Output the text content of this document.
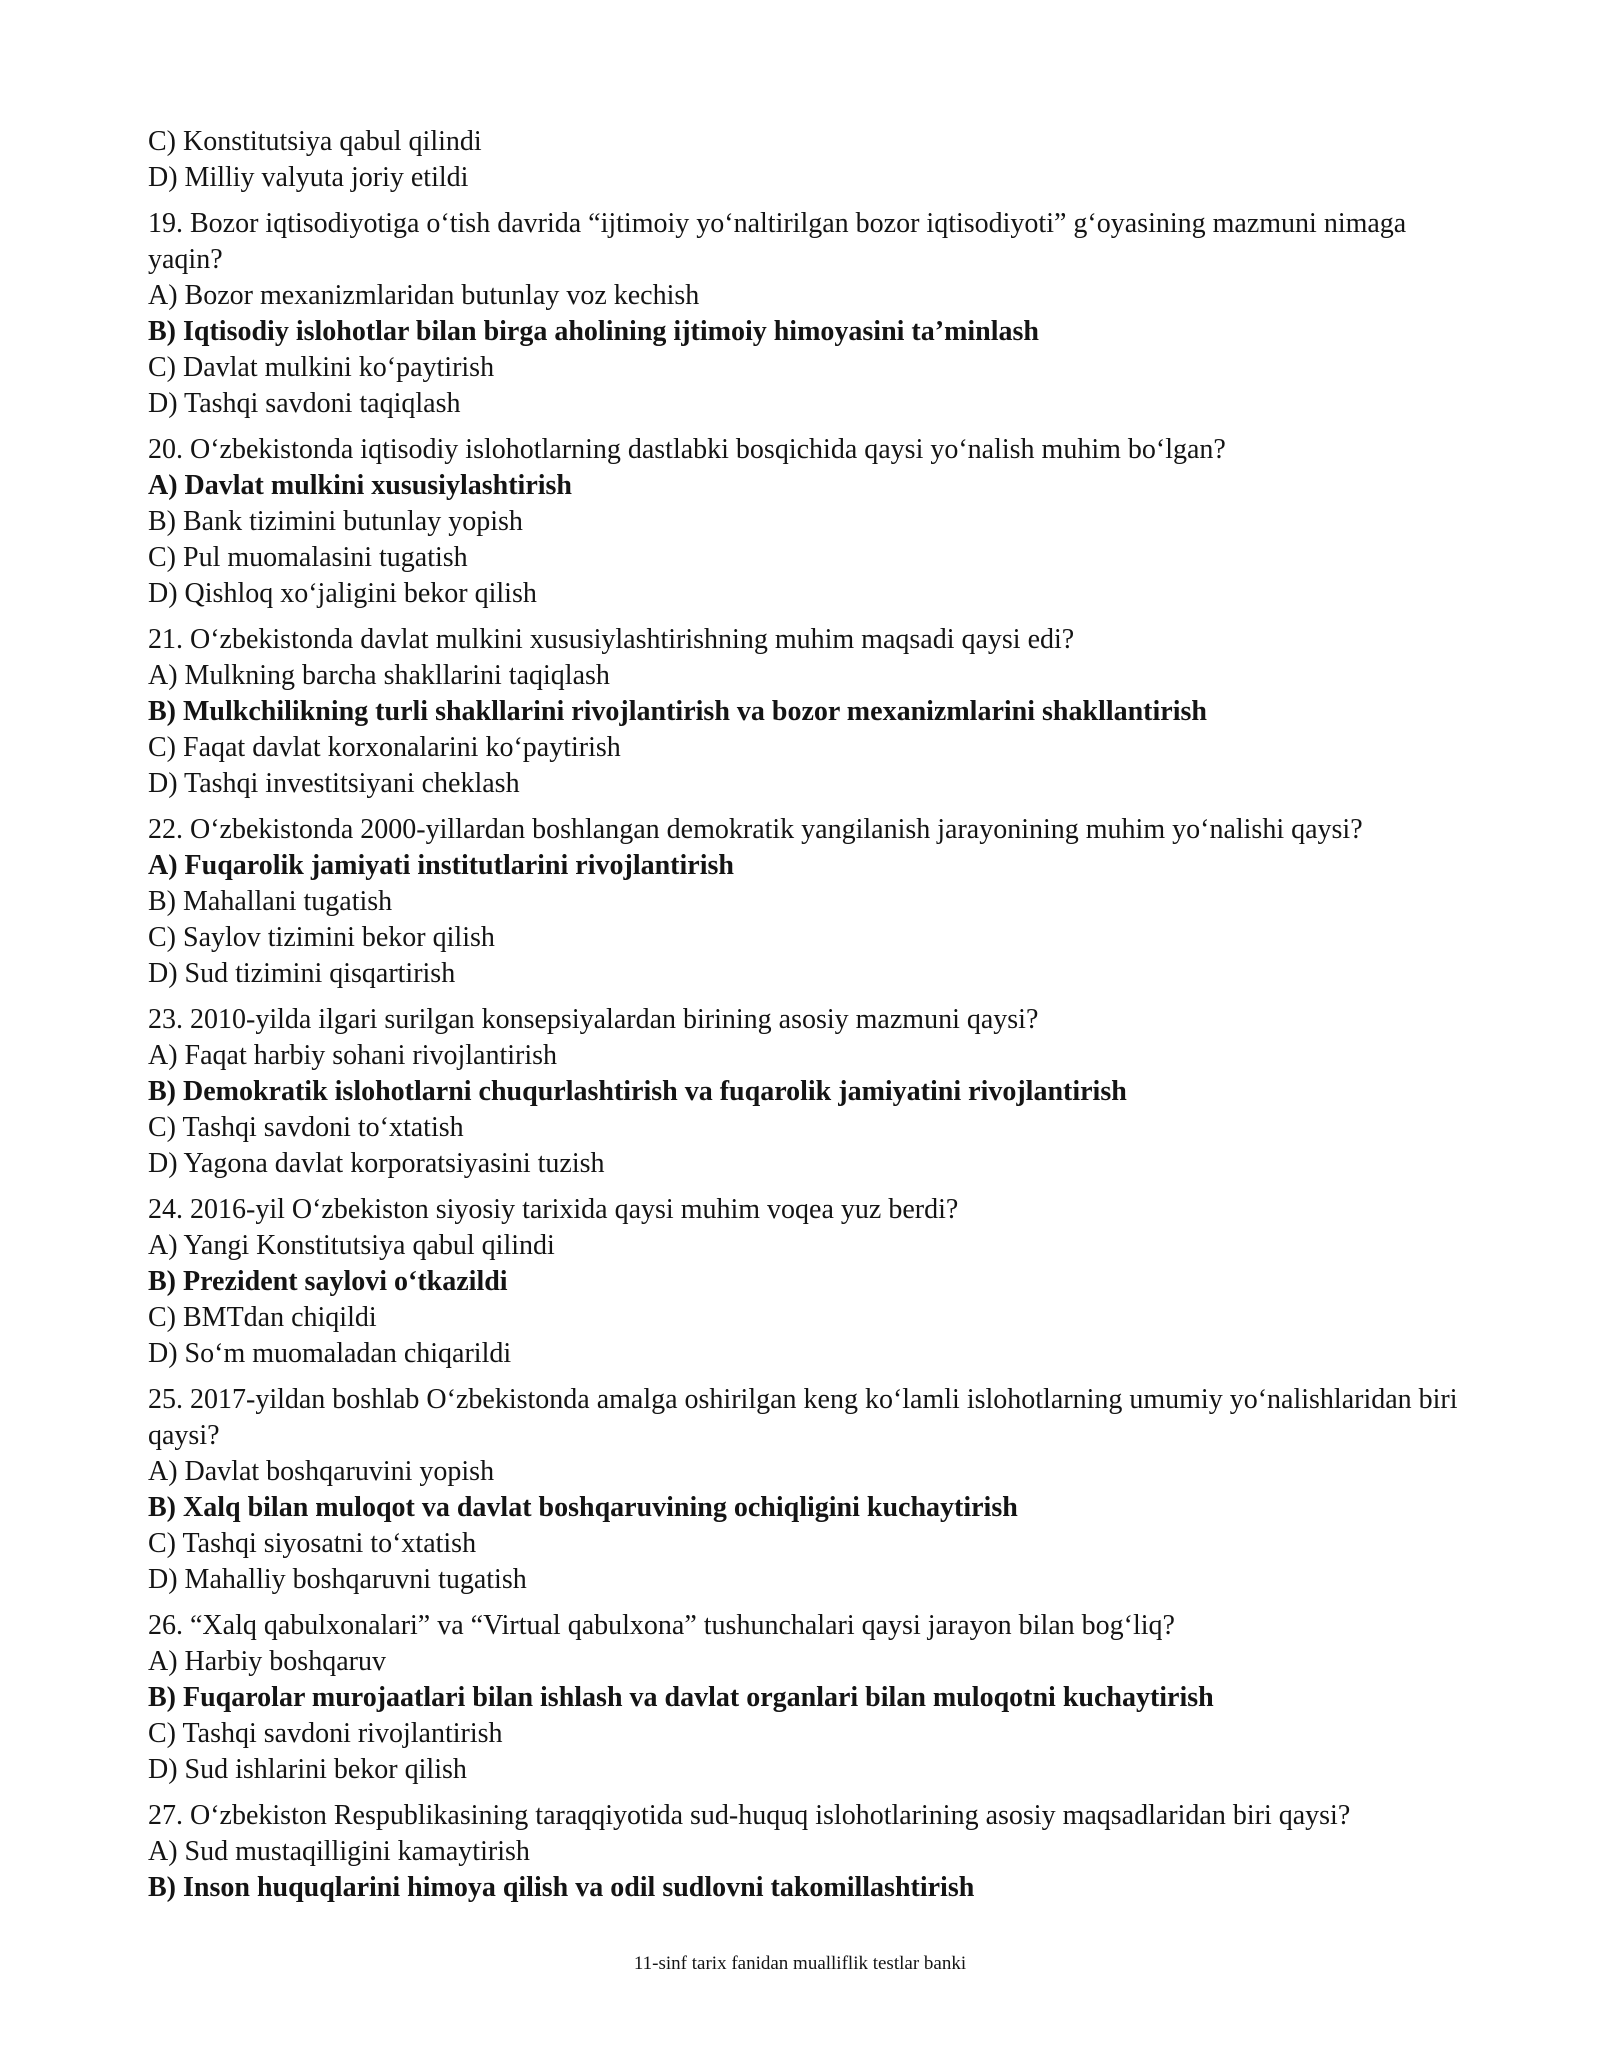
C) Konstitutsiya qabul qilindi
D) Milliy valyuta joriy etildi
19. Bozor iqtisodiyotiga o‘tish davrida “ijtimoiy yo‘naltirilgan bozor iqtisodiyoti” g‘oyasining mazmuni nimaga yaqin?
A) Bozor mexanizmlaridan butunlay voz kechish
B) Iqtisodiy islohotlar bilan birga aholining ijtimoiy himoyasini ta’minlash
C) Davlat mulkini ko‘paytirish
D) Tashqi savdoni taqiqlash
20. O‘zbekistonda iqtisodiy islohotlarning dastlabki bosqichida qaysi yo‘nalish muhim bo‘lgan?
A) Davlat mulkini xususiylashtirish
B) Bank tizimini butunlay yopish
C) Pul muomalasini tugatish
D) Qishloq xo‘jaligini bekor qilish
21. O‘zbekistonda davlat mulkini xususiylashtirishning muhim maqsadi qaysi edi?
A) Mulkning barcha shakllarini taqiqlash
B) Mulkchilikning turli shakllarini rivojlantirish va bozor mexanizmlarini shakllantirish
C) Faqat davlat korxonalarini ko‘paytirish
D) Tashqi investitsiyani cheklash
22. O‘zbekistonda 2000-yillardan boshlangan demokratik yangilanish jarayonining muhim yo‘nalishi qaysi?
A) Fuqarolik jamiyati institutlarini rivojlantirish
B) Mahallani tugatish
C) Saylov tizimini bekor qilish
D) Sud tizimini qisqartirish
23. 2010-yilda ilgari surilgan konsepsiyalardan birining asosiy mazmuni qaysi?
A) Faqat harbiy sohani rivojlantirish
B) Demokratik islohotlarni chuqurlashtirish va fuqarolik jamiyatini rivojlantirish
C) Tashqi savdoni to‘xtatish
D) Yagona davlat korporatsiyasini tuzish
24. 2016-yil O‘zbekiston siyosiy tarixida qaysi muhim voqea yuz berdi?
A) Yangi Konstitutsiya qabul qilindi
B) Prezident saylovi o‘tkazildi
C) BMTdan chiqildi
D) So‘m muomaladan chiqarildi
25. 2017-yildan boshlab O‘zbekistonda amalga oshirilgan keng ko‘lamli islohotlarning umumiy yo‘nalishlaridan biri qaysi?
A) Davlat boshqaruvini yopish
B) Xalq bilan muloqot va davlat boshqaruvining ochiqligini kuchaytirish
C) Tashqi siyosatni to‘xtatish
D) Mahalliy boshqaruvni tugatish
26. “Xalq qabulxonalari” va “Virtual qabulxona” tushunchalari qaysi jarayon bilan bog‘liq?
A) Harbiy boshqaruv
B) Fuqarolar murojaatlari bilan ishlash va davlat organlari bilan muloqotni kuchaytirish
C) Tashqi savdoni rivojlantirish
D) Sud ishlarini bekor qilish
27. O‘zbekiston Respublikasining taraqqiyotida sud-huquq islohotlarining asosiy maqsadlaridan biri qaysi?
A) Sud mustaqilligini kamaytirish
B) Inson huquqlarini himoya qilish va odil sudlovni takomillashtirish
11-sinf tarix fanidan mualliflik testlar banki
